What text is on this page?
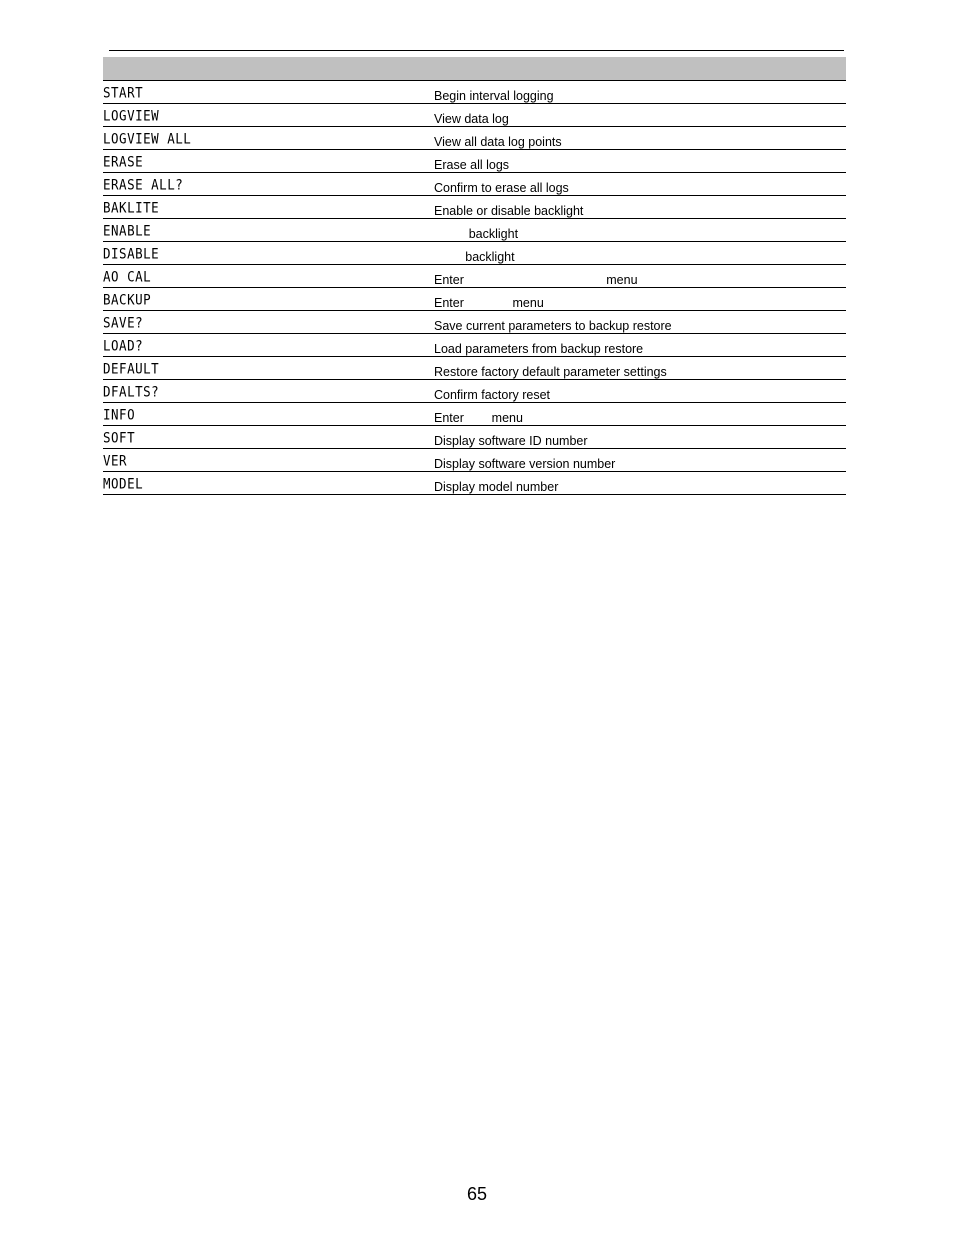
START	Begin interval logging
LOGVIEW	View data log
LOGVIEW ALL	View all data log points
ERASE	Erase all logs
ERASE ALL?	Confirm to erase all logs
BAKLITE	Enable or disable backlight
ENABLE	backlight
DISABLE	backlight
AO CAL	Enter                                         menu
BACKUP	Enter              menu
SAVE?	Save current parameters to backup restore
LOAD?	Load parameters from backup restore
DEFAULT	Restore factory default parameter settings
DFALTS?	Confirm factory reset
INFO	Enter        menu
SOFT	Display software ID number
VER	Display software version number
MODEL	Display model number
65
